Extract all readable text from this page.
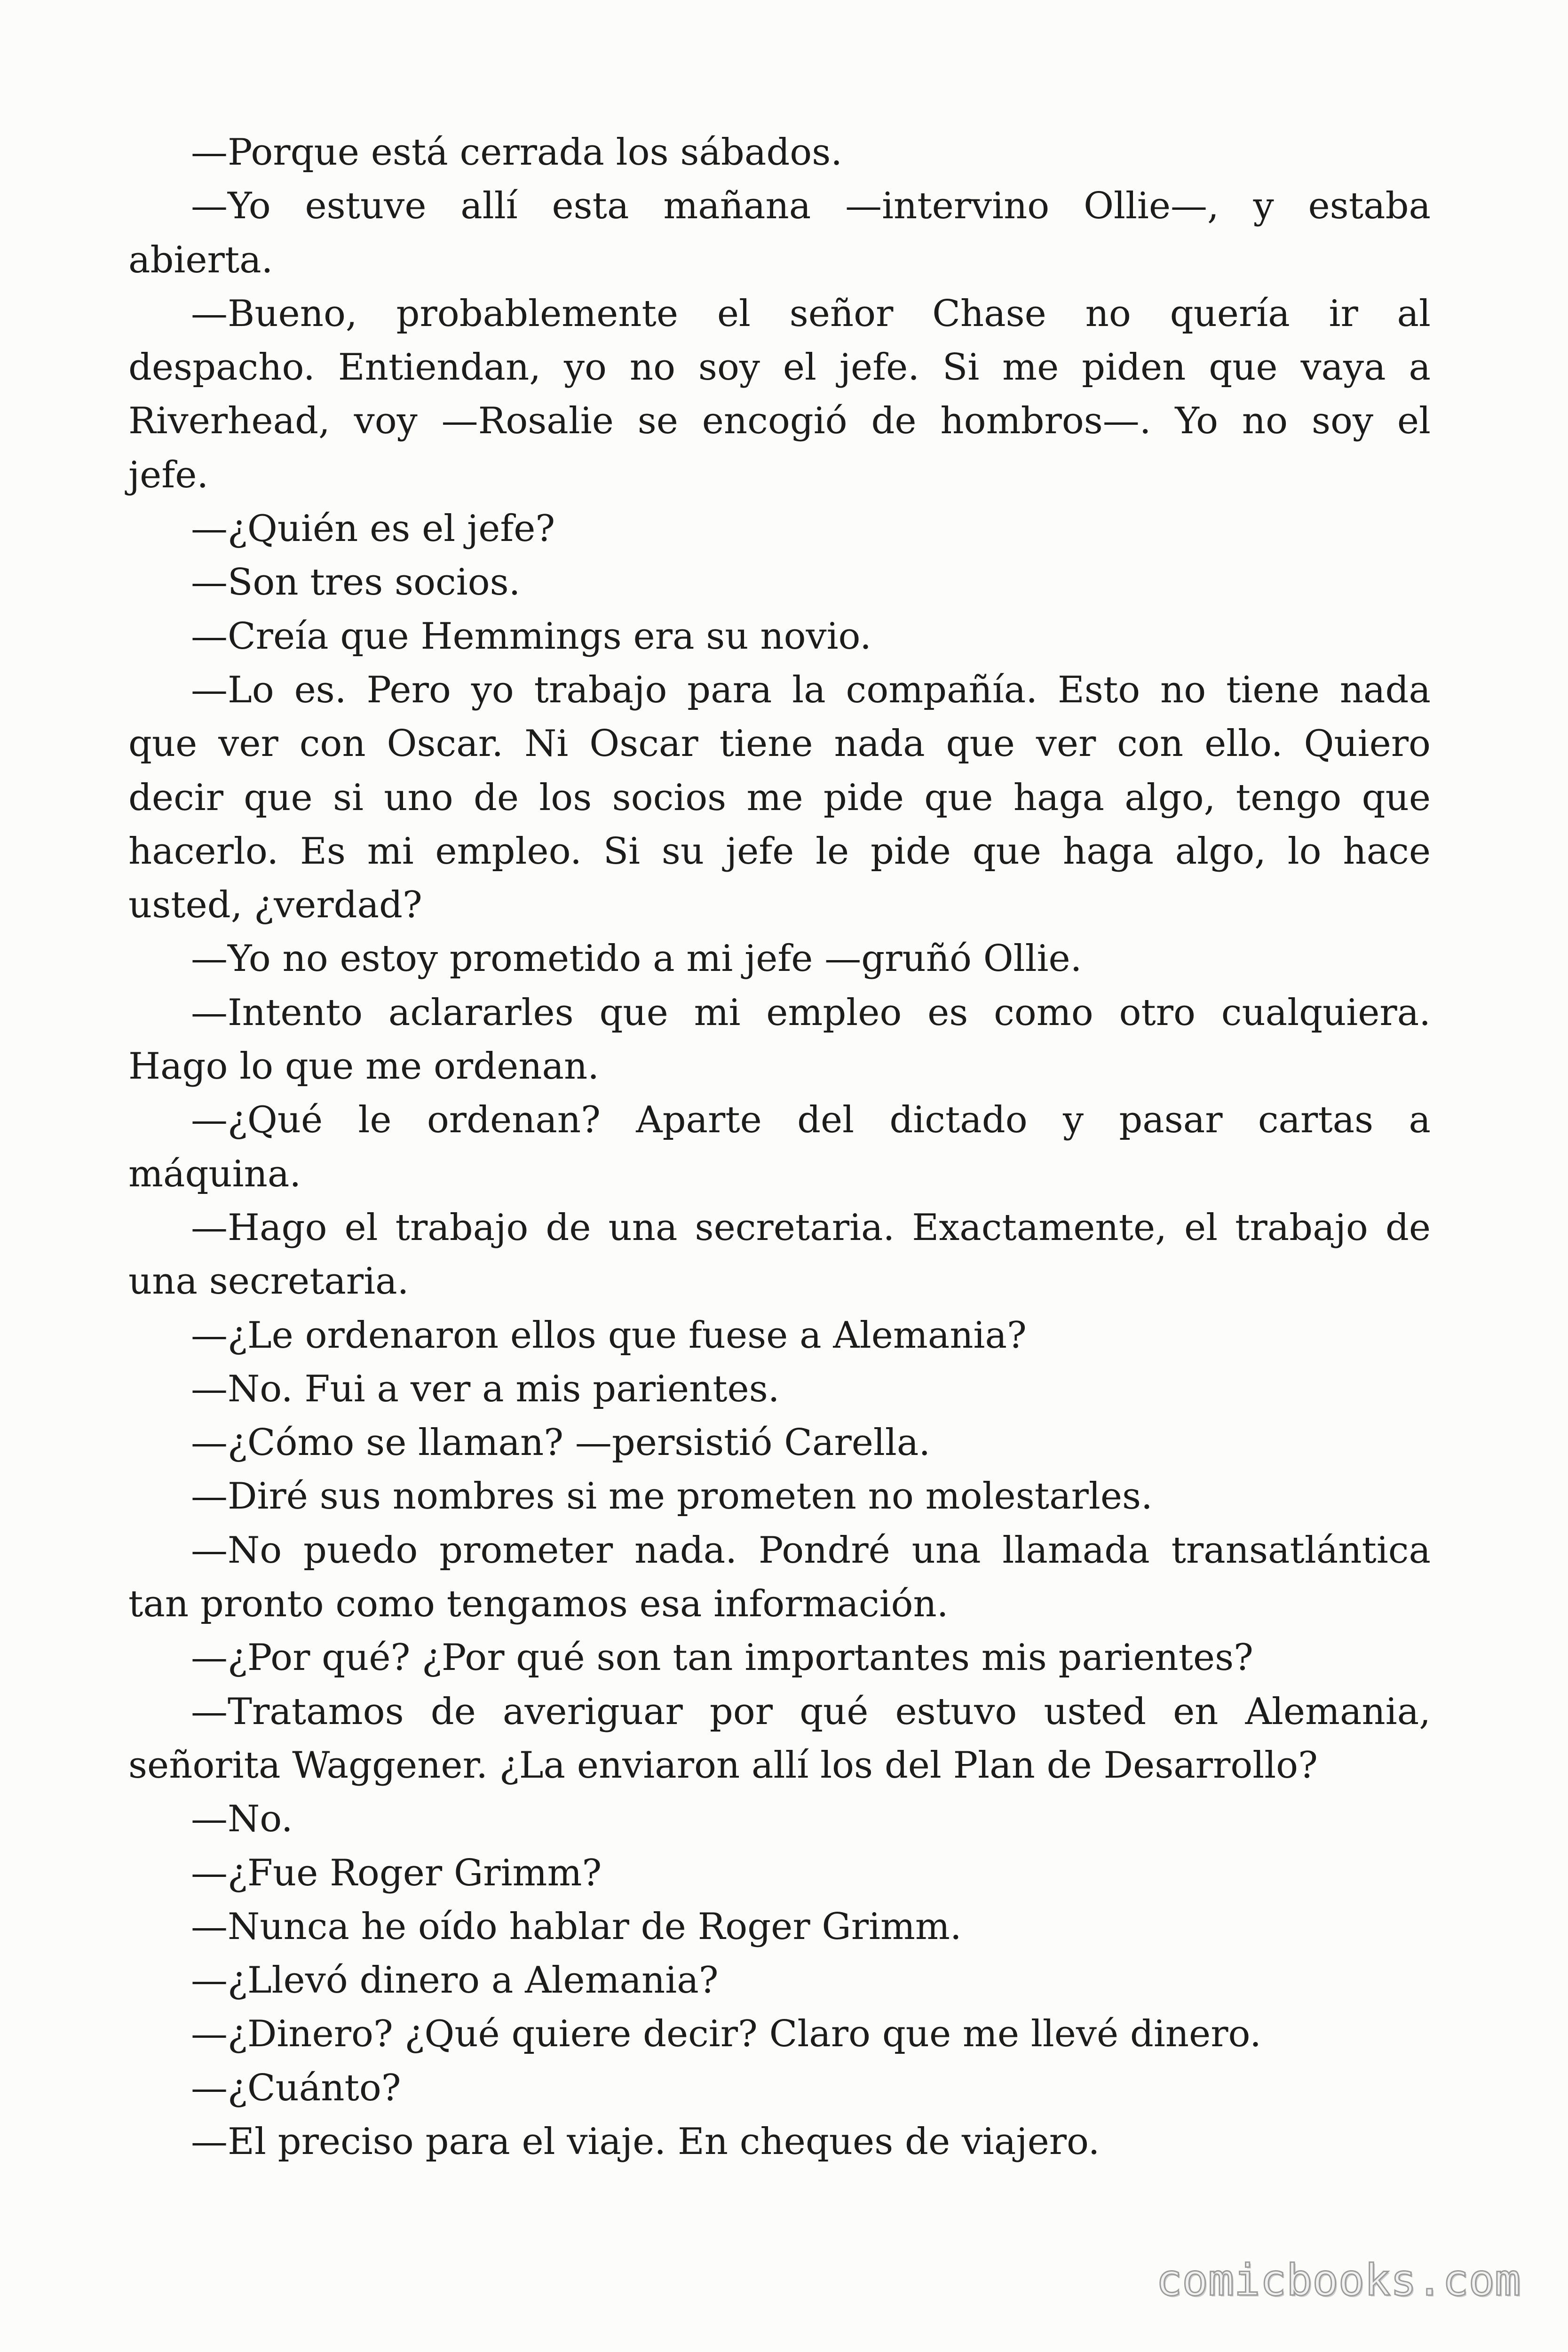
—Porque está cerrada los sábados.
—Yo estuve allí esta mañana —intervino Ollie—, y estaba
abierta.
—Bueno, probablemente el señor Chase no quería ir al
despacho. Entiendan, yo no soy el jefe. Si me piden que vaya a
Riverhead, voy —Rosalie se encogió de hombros—. Yo no soy el
jefe.
—¿Quién es el jefe?
—Son tres socios.
—Creía que Hemmings era su novio.
—Lo es. Pero yo trabajo para la compañía. Esto no tiene nada
que ver con Oscar. Ni Oscar tiene nada que ver con ello. Quiero
decir que si uno de los socios me pide que haga algo, tengo que
hacerlo. Es mi empleo. Si su jefe le pide que haga algo, lo hace
usted, ¿verdad?
—Yo no estoy prometido a mi jefe —gruñó Ollie.
—Intento aclararles que mi empleo es como otro cualquiera.
Hago lo que me ordenan.
—¿Qué le ordenan? Aparte del dictado y pasar cartas a
máquina.
—Hago el trabajo de una secretaria. Exactamente, el trabajo de
una secretaria.
—¿Le ordenaron ellos que fuese a Alemania?
—No. Fui a ver a mis parientes.
—¿Cómo se llaman? —persistió Carella.
—Diré sus nombres si me prometen no molestarles.
—No puedo prometer nada. Pondré una llamada transatlántica
tan pronto como tengamos esa información.
—¿Por qué? ¿Por qué son tan importantes mis parientes?
—Tratamos de averiguar por qué estuvo usted en Alemania,
señorita Waggener. ¿La enviaron allí los del Plan de Desarrollo?
—No.
—¿Fue Roger Grimm?
—Nunca he oído hablar de Roger Grimm.
—¿Llevó dinero a Alemania?
—¿Dinero? ¿Qué quiere decir? Claro que me llevé dinero.
—¿Cuánto?
—El preciso para el viaje. En cheques de viajero.
comicbooks.com
